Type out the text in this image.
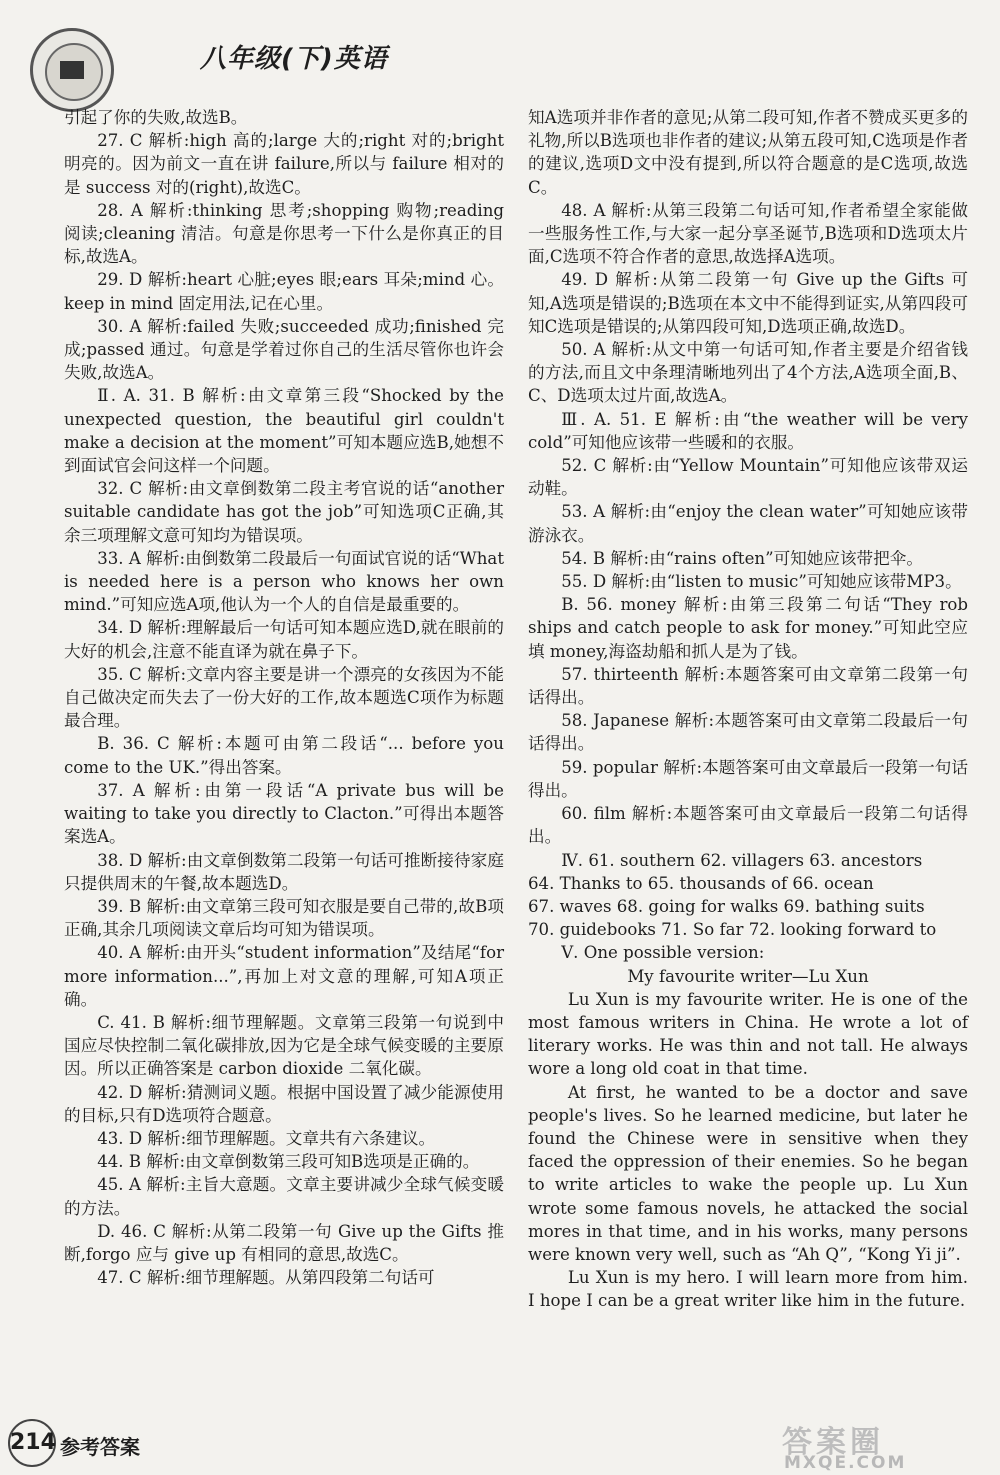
八年级(下)英语

引起了你的失败,故选B。

27. C 解析:high 高的;large 大的;right 对的;bright 明亮的。因为前文一直在讲 failure,所以与 failure 相对的是 success 对的(right),故选C。

28. A 解析:thinking 思考;shopping 购物;reading 阅读;cleaning 清洁。句意是你思考一下什么是你真正的目标,故选A。

29. D 解析:heart 心脏;eyes 眼;ears 耳朵;mind 心。keep in mind 固定用法,记在心里。

30. A 解析:failed 失败;succeeded 成功;finished 完成;passed 通过。句意是学着过你自己的生活尽管你也许会失败,故选A。

Ⅱ. A. 31. B 解析:由文章第三段“Shocked by the unexpected question, the beautiful girl couldn't make a decision at the moment”可知本题应选B,她想不到面试官会问这样一个问题。

32. C 解析:由文章倒数第二段主考官说的话“another suitable candidate has got the job”可知选项C正确,其余三项理解文意可知均为错误项。

33. A 解析:由倒数第二段最后一句面试官说的话“What is needed here is a person who knows her own mind.”可知应选A项,他认为一个人的自信是最重要的。

34. D 解析:理解最后一句话可知本题应选D,就在眼前的大好的机会,注意不能直译为就在鼻子下。

35. C 解析:文章内容主要是讲一个漂亮的女孩因为不能自己做决定而失去了一份大好的工作,故本题选C项作为标题最合理。

B. 36. C 解析:本题可由第二段话“... before you come to the UK.”得出答案。

37. A 解析:由第一段话“A private bus will be waiting to take you directly to Clacton.”可得出本题答案选A。

38. D 解析:由文章倒数第二段第一句话可推断接待家庭只提供周末的午餐,故本题选D。

39. B 解析:由文章第三段可知衣服是要自己带的,故B项正确,其余几项阅读文章后均可知为错误项。

40. A 解析:由开头“student information”及结尾“for more information...”,再加上对文意的理解,可知A项正确。

C. 41. B 解析:细节理解题。文章第三段第一句说到中国应尽快控制二氧化碳排放,因为它是全球气候变暖的主要原因。所以正确答案是 carbon dioxide 二氧化碳。

42. D 解析:猜测词义题。根据中国设置了减少能源使用的目标,只有D选项符合题意。

43. D 解析:细节理解题。文章共有六条建议。

44. B 解析:由文章倒数第三段可知B选项是正确的。

45. A 解析:主旨大意题。文章主要讲减少全球气候变暖的方法。

D. 46. C 解析:从第二段第一句 Give up the Gifts 推断,forgo 应与 give up 有相同的意思,故选C。

47. C 解析:细节理解题。从第四段第二句话可

知A选项并非作者的意见;从第二段可知,作者不赞成买更多的礼物,所以B选项也非作者的建议;从第五段可知,C选项是作者的建议,选项D文中没有提到,所以符合题意的是C选项,故选C。

48. A 解析:从第三段第二句话可知,作者希望全家能做一些服务性工作,与大家一起分享圣诞节,B选项和D选项太片面,C选项不符合作者的意思,故选择A选项。

49. D 解析:从第二段第一句 Give up the Gifts 可知,A选项是错误的;B选项在本文中不能得到证实,从第四段可知C选项是错误的;从第四段可知,D选项正确,故选D。

50. A 解析:从文中第一句话可知,作者主要是介绍省钱的方法,而且文中条理清晰地列出了4个方法,A选项全面,B、C、D选项太过片面,故选A。

Ⅲ. A. 51. E 解析:由“the weather will be very cold”可知他应该带一些暖和的衣服。

52. C 解析:由“Yellow Mountain”可知他应该带双运动鞋。

53. A 解析:由“enjoy the clean water”可知她应该带游泳衣。

54. B 解析:由“rains often”可知她应该带把伞。

55. D 解析:由“listen to music”可知她应该带MP3。

B. 56. money 解析:由第三段第二句话“They rob ships and catch people to ask for money.”可知此空应填 money,海盗劫船和抓人是为了钱。

57. thirteenth 解析:本题答案可由文章第二段第一句话得出。

58. Japanese 解析:本题答案可由文章第二段最后一句话得出。

59. popular 解析:本题答案可由文章最后一段第一句话得出。

60. film 解析:本题答案可由文章最后一段第二句话得出。

Ⅳ. 61. southern 62. villagers 63. ancestors

64. Thanks to 65. thousands of 66. ocean

67. waves 68. going for walks 69. bathing suits

70. guidebooks 71. So far 72. looking forward to

Ⅴ. One possible version:

My favourite writer—Lu Xun

Lu Xun is my favourite writer. He is one of the most famous writers in China. He wrote a lot of literary works. He was thin and not tall. He always wore a long old coat in that time.

At first, he wanted to be a doctor and save people's lives. So he learned medicine, but later he found the Chinese were in sensitive when they faced the oppression of their enemies. So he began to write articles to wake the people up. Lu Xun wrote some famous novels, he attacked the social mores in that time, and in his works, many persons were known very well, such as “Ah Q”, “Kong Yi ji”.

Lu Xun is my hero. I will learn more from him. I hope I can be a great writer like him in the future.

214 参考答案	答案圈
MXQE.COM
